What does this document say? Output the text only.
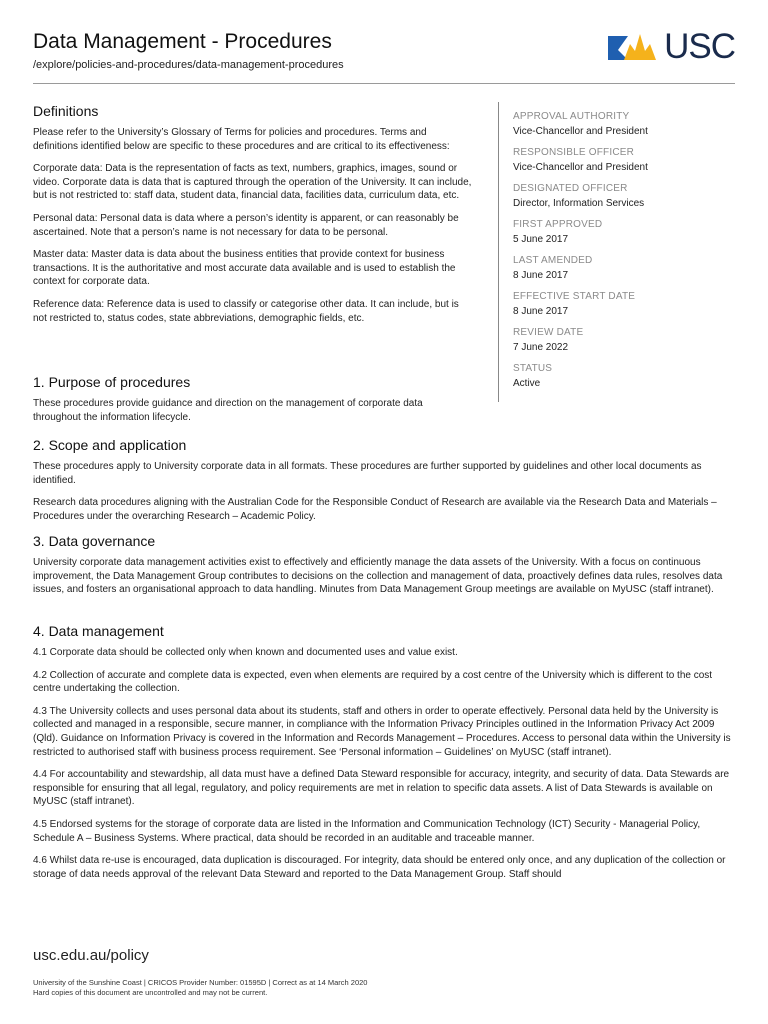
Data Management - Procedures
/explore/policies-and-procedures/data-management-procedures	USC
Definitions

Please refer to the University’s Glossary of Terms for policies and procedures. Terms and definitions identified below are specific to these procedures and are critical to its effectiveness:

Corporate data: Data is the representation of facts as text, numbers, graphics, images, sound or video. Corporate data is data that is captured through the operation of the University. It can include, but is not restricted to: staff data, student data, financial data, facilities data, curriculum data, etc.

Personal data: Personal data is data where a person’s identity is apparent, or can reasonably be ascertained. Note that a person’s name is not necessary for data to be personal.

Master data: Master data is data about the business entities that provide context for business transactions. It is the authoritative and most accurate data available and is used to establish the context for corporate data.

Reference data: Reference data is used to classify or categorise other data. It can include, but is not restricted to, status codes, state abbreviations, demographic fields, etc.

1. Purpose of procedures

These procedures provide guidance and direction on the management of corporate data throughout the information lifecycle.

APPROVAL AUTHORITY
Vice-Chancellor and President
RESPONSIBLE OFFICER
Vice-Chancellor and President
DESIGNATED OFFICER
Director, Information Services
FIRST APPROVED
5 June 2017
LAST AMENDED
8 June 2017
EFFECTIVE START DATE
8 June 2017
REVIEW DATE
7 June 2022
STATUS
Active
2. Scope and application

These procedures apply to University corporate data in all formats. These procedures are further supported by guidelines and other local documents as identified.

Research data procedures aligning with the Australian Code for the Responsible Conduct of Research are available via the Research Data and Materials – Procedures under the overarching Research – Academic Policy.

3. Data governance

University corporate data management activities exist to effectively and efficiently manage the data assets of the University. With a focus on continuous improvement, the Data Management Group contributes to decisions on the collection and management of data, proactively defines data rules, resolves data issues, and fosters an organisational approach to data handling. Minutes from Data Management Group meetings are available on MyUSC (staff intranet).

4. Data management

4.1 Corporate data should be collected only when known and documented uses and value exist.

4.2 Collection of accurate and complete data is expected, even when elements are required by a cost centre of the University which is different to the cost centre undertaking the collection.

4.3 The University collects and uses personal data about its students, staff and others in order to operate effectively. Personal data held by the University is collected and managed in a responsible, secure manner, in compliance with the Information Privacy Principles outlined in the Information Privacy Act 2009 (Qld). Guidance on Information Privacy is covered in the Information and Records Management – Procedures. Access to personal data within the University is restricted to authorised staff with business process requirement. See ‘Personal information – Guidelines’ on MyUSC (staff intranet).

4.4 For accountability and stewardship, all data must have a defined Data Steward responsible for accuracy, integrity, and security of data. Data Stewards are responsible for ensuring that all legal, regulatory, and policy requirements are met in relation to specific data assets. A list of Data Stewards is available on MyUSC (staff intranet).

4.5 Endorsed systems for the storage of corporate data are listed in the Information and Communication Technology (ICT) Security - Managerial Policy, Schedule A – Business Systems. Where practical, data should be recorded in an auditable and traceable manner.

4.6 Whilst data re-use is encouraged, data duplication is discouraged. For integrity, data should be entered only once, and any duplication of the collection or storage of data needs approval of the relevant Data Steward and reported to the Data Management Group. Staff should

usc.edu.au/policy
University of the Sunshine Coast | CRICOS Provider Number: 01595D | Correct as at 14 March 2020
Hard copies of this document are uncontrolled and may not be current.
